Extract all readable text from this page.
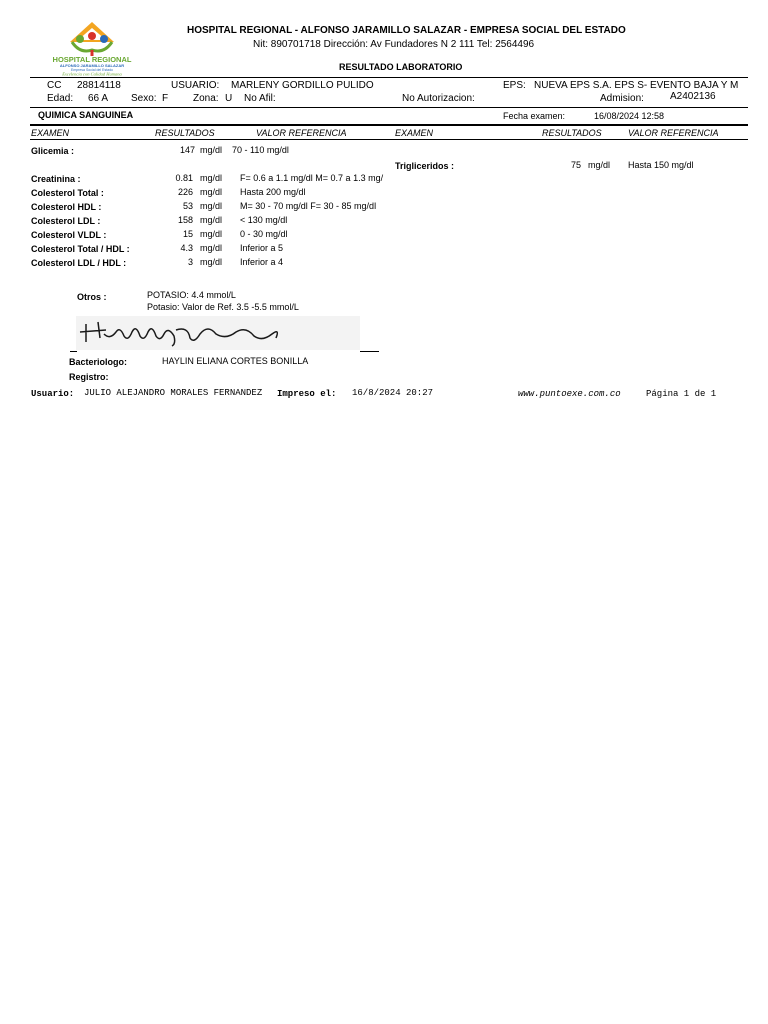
HOSPITAL REGIONAL
ALFONSO JARAMILLO SALAZAR
Empresa Social del Estado
Excelencia con Calidad Humana
HOSPITAL REGIONAL - ALFONSO JARAMILLO SALAZAR - EMPRESA SOCIAL DEL ESTADO
Nit: 890701718 Dirección: Av Fundadores N 2 111 Tel: 2564496
RESULTADO LABORATORIO
CC 28814118	USUARIO: MARLENY GORDILLO PULIDO	EPS: NUEVA EPS S.A. EPS S- EVENTO BAJA Y M
Edad: 66 A Sexo: F Zona: U No Afil:	No Autorizacion:	Admision:	A2402136
QUIMICA SANGUINEA	Fecha examen:	16/08/2024 12:58
EXAMEN	RESULTADOS	VALOR REFERENCIA	EXAMEN	RESULTADOS	VALOR REFERENCIA
Glicemia :	147 mg/dl 70 - 110 mg/dl
Creatinina :	0.81 mg/dl F= 0.6 a 1.1 mg/dl M= 0.7 a 1.3 mg/
Colesterol Total :	226 mg/dl Hasta 200 mg/dl
Colesterol HDL :	53 mg/dl M= 30 - 70 mg/dl F= 30 - 85 mg/dl
Colesterol LDL :	158 mg/dl < 130 mg/dl
Colesterol VLDL :	15 mg/dl 0 - 30 mg/dl
Colesterol Total / HDL :	4.3 mg/dl Inferior a 5
Colesterol LDL / HDL :	3 mg/dl Inferior a 4
Trigliceridos :	75 mg/dl Hasta 150 mg/dl
Otros :	POTASIO: 4.4 mmol/L
Potasio: Valor de Ref. 3.5 -5.5 mmol/L
Bacteriologo:	HAYLIN ELIANA CORTES BONILLA
Registro:
Usuario: JULIO ALEJANDRO MORALES FERNANDEZ Impreso el: 16/8/2024 20:27	www.puntoexe.com.co	Página 1 de 1
